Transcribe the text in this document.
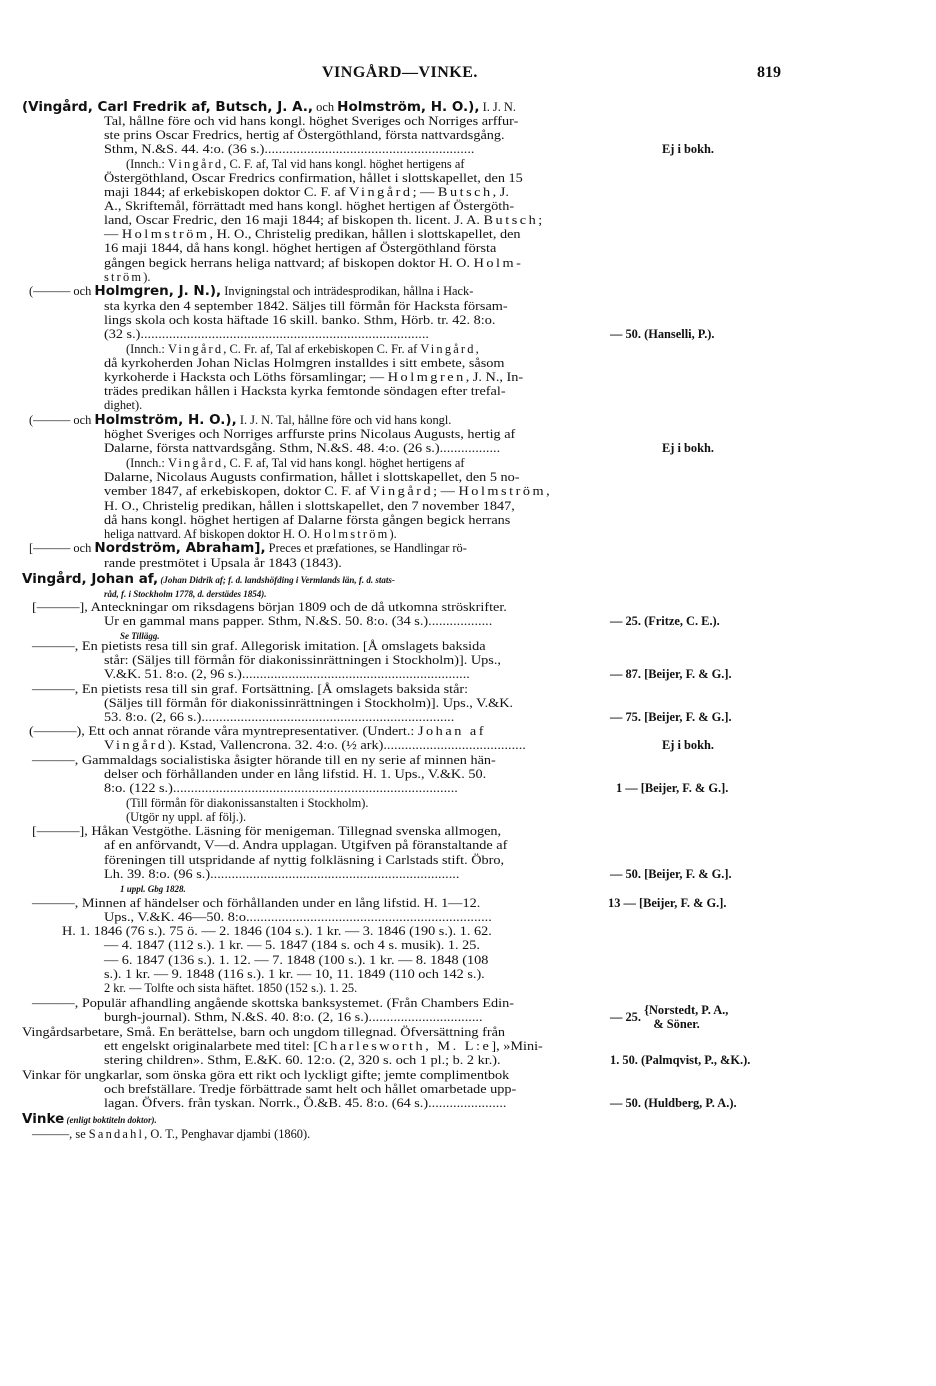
VINGÅRD—VINKE.	819
(Vingård, Carl Fredrik af, Butsch, J. A., och Holmström, H. O.), I. J. N.
Tal, hållne före och vid hans kongl. höghet Sveriges och Norriges arffur-
ste prins Oscar Fredrics, hertig af Östergöthland, första nattvardsgång.
Sthm, N.&S. 44. 4:o. (36 s.)...........................................................
(Innch.: Vingård, C. F. af, Tal vid hans kongl. höghet hertigens af
Östergöthland, Oscar Fredrics confirmation, hållet i slottskapellet, den 15
maji 1844; af erkebiskopen doktor C. F. af Vingård; — Butsch, J.
A., Skriftemål, förrättadt med hans kongl. höghet hertigen af Östergöth-
land, Oscar Fredric, den 16 maji 1844; af biskopen th. licent. J. A. Butsch;
— Holmström, H. O., Christelig predikan, hållen i slottskapellet, den
16 maji 1844, då hans kongl. höghet hertigen af Östergöthland första
gången begick herrans heliga nattvard; af biskopen doktor H. O. Holm-
ström).
(——— och Holmgren, J. N.), Invigningstal och inträdesprodikan, hållna i Hack-
sta kyrka den 4 september 1842. Säljes till förmån för Hacksta försam-
lings skola och kosta häftade 16 skill. banko. Sthm, Hörb. tr. 42. 8:o.
(32 s.).................................................................................
(Innch.: Vingård, C. Fr. af, Tal af erkebiskopen C. Fr. af Vingård,
då kyrkoherden Johan Niclas Holmgren installdes i sitt embete, såsom
kyrkoherde i Hacksta och Löths församlingar; — Holmgren, J. N., In-
trädes predikan hållen i Hacksta kyrka femtonde söndagen efter trefal-
dighet).
(——— och Holmström, H. O.), I. J. N. Tal, hållne före och vid hans kongl.
höghet Sveriges och Norriges arffurste prins Nicolaus Augusts, hertig af
Dalarne, första nattvardsgång. Sthm, N.&S. 48. 4:o. (26 s.).................
(Innch.: Vingård, C. F. af, Tal vid hans kongl. höghet hertigens af
Dalarne, Nicolaus Augusts confirmation, hållet i slottskapellet, den 5 no-
vember 1847, af erkebiskopen, doktor C. F. af Vingård; — Holmström,
H. O., Christelig predikan, hållen i slottskapellet, den 7 november 1847,
då hans kongl. höghet hertigen af Dalarne första gången begick herrans
heliga nattvard. Af biskopen doktor H. O. Holmström).
[——— och Nordström, Abraham], Preces et præfationes, se Handlingar rö-
rande prestmötet i Upsala år 1843 (1843).
Vingård, Johan af, (Johan Didrik af; f. d. landshöfding i Vermlands län, f. d. stats-
råd, f. i Stockholm 1778, d. derstädes 1854).
[———], Anteckningar om riksdagens början 1809 och de då utkomna ströskrifter.
Ur en gammal mans papper. Sthm, N.&S. 50. 8:o. (34 s.)..................
Se Tillägg.
———, En pietists resa till sin graf. Allegorisk imitation. [Å omslagets baksida
står: (Säljes till förmån för diakonissinrättningen i Stockholm)]. Ups.,
V.&K. 51. 8:o. (2, 96 s.)................................................................
———, En pietists resa till sin graf. Fortsättning. [Å omslagets baksida står:
(Säljes till förmån för diakonissinrättningen i Stockholm)]. Ups., V.&K.
53. 8:o. (2, 66 s.).......................................................................
(———), Ett och annat rörande våra myntrepresentativer. (Undert.: Johan af
Vingård). Kstad, Vallencrona. 32. 4:o. (½ ark)........................................
———, Gammaldags socialistiska åsigter hörande till en ny serie af minnen hän-
delser och förhållanden under en lång lifstid. H. 1. Ups., V.&K. 50.
8:o. (122 s.)................................................................................
(Till förmån för diakonissanstalten i Stockholm).
(Utgör ny uppl. af följ.).
[———], Håkan Vestgöthe. Läsning för menigeman. Tillegnad svenska allmogen,
af en anförvandt, V—d. Andra upplagan. Utgifven på föranstaltande af
föreningen till utspridande af nyttig folkläsning i Carlstads stift. Öbro,
Lh. 39. 8:o. (96 s.)......................................................................
1 uppl. Gbg 1828.
———, Minnen af händelser och förhållanden under en lång lifstid. H. 1—12.
Ups., V.&K. 46—50. 8:o.....................................................................
H. 1. 1846 (76 s.). 75 ö. — 2. 1846 (104 s.). 1 kr. — 3. 1846 (190 s.). 1. 62.
— 4. 1847 (112 s.). 1 kr. — 5. 1847 (184 s. och 4 s. musik). 1. 25.
— 6. 1847 (136 s.). 1. 12. — 7. 1848 (100 s.). 1 kr. — 8. 1848 (108
s.). 1 kr. — 9. 1848 (116 s.). 1 kr. — 10, 11. 1849 (110 och 142 s.).
2 kr. — Tolfte och sista häftet. 1850 (152 s.). 1. 25.
———, Populär afhandling angående skottska banksystemet. (Från Chambers Edin-
burgh-journal). Sthm, N.&S. 40. 8:o. (2, 16 s.)................................
Vingårdsarbetare, Små. En berättelse, barn och ungdom tillegnad. Öfversättning från
ett engelskt originalarbete med titel: [Charlesworth, M. L:e], »Mini-
stering children». Sthm, E.&K. 60. 12:o. (2, 320 s. och 1 pl.; b. 2 kr.).
Vinkar för ungkarlar, som önska göra ett rikt och lyckligt gifte; jemte complimentbok
och brefställare. Tredje förbättrade samt helt och hållet omarbetade upp-
lagan. Öfvers. från tyskan. Norrk., Ö.&B. 45. 8:o. (64 s.)......................
Vinke (enligt boktiteln doktor).
———, se Sandahl, O. T., Penghavar djambi (1860).
Ej i bokh.
— 50. (Hanselli, P.).
Ej i bokh.
— 25. (Fritze, C. E.).
— 87. [Beijer, F. & G.].
— 75. [Beijer, F. & G.].
Ej i bokh.
1 — [Beijer, F. & G.].
— 50. [Beijer, F. & G.].
13 — [Beijer, F. & G.].
— 25. {Norstedt, P. A.,
& Söner.
1. 50. (Palmqvist, P., &K.).
— 50. (Huldberg, P. A.).
